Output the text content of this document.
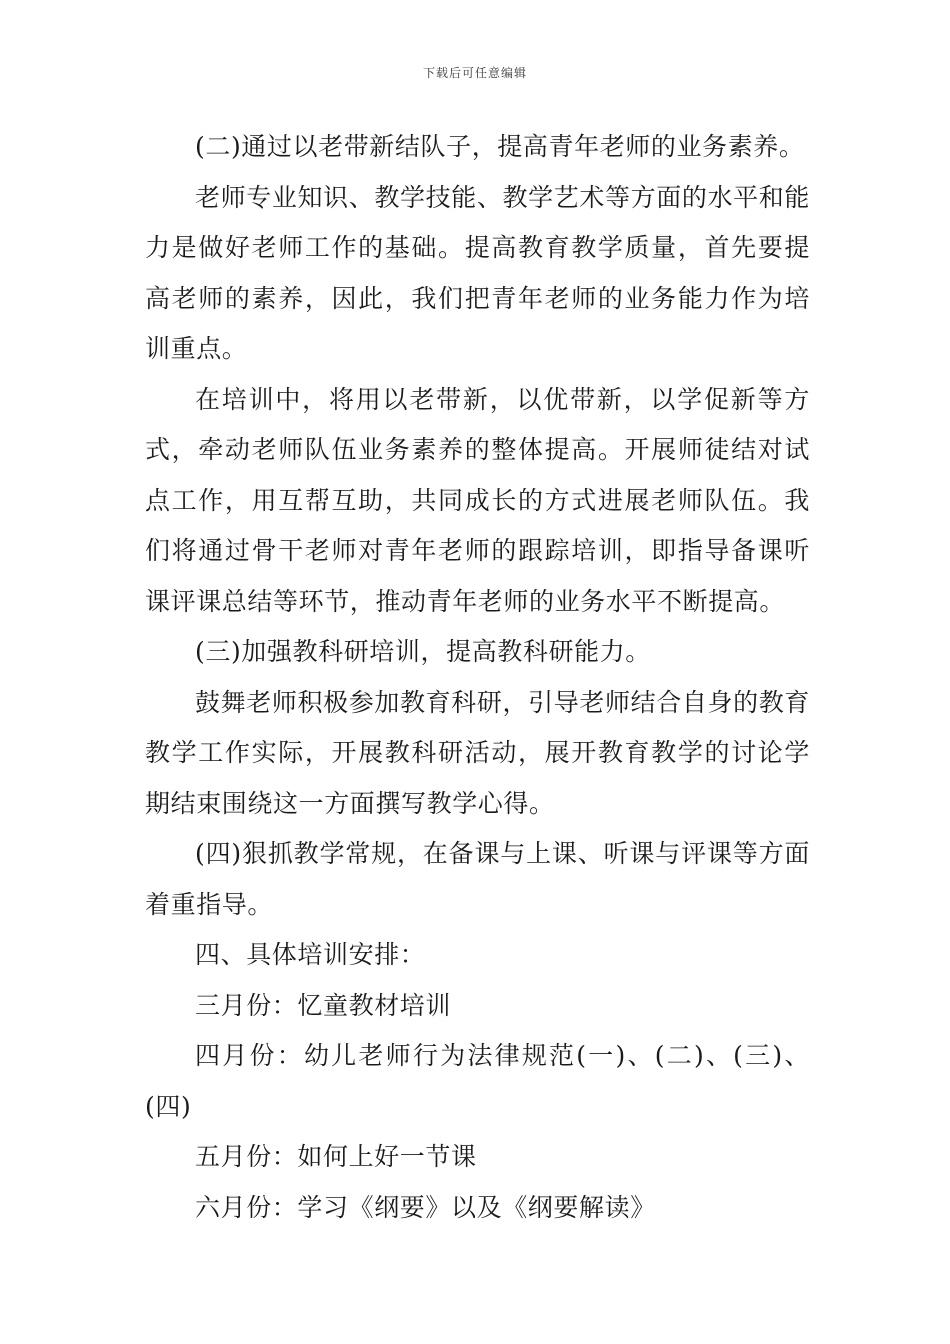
下载后可任意编辑

(二)通过以老带新结队子，提高青年老师的业务素养。

老师专业知识、教学技能、教学艺术等方面的水平和能力是做好老师工作的基础。提高教育教学质量，首先要提高老师的素养，因此，我们把青年老师的业务能力作为培训重点。

在培训中，将用以老带新，以优带新，以学促新等方式，牵动老师队伍业务素养的整体提高。开展师徒结对试点工作，用互帮互助，共同成长的方式进展老师队伍。我们将通过骨干老师对青年老师的跟踪培训，即指导备课听课评课总结等环节，推动青年老师的业务水平不断提高。

(三)加强教科研培训，提高教科研能力。

鼓舞老师积极参加教育科研，引导老师结合自身的教育教学工作实际，开展教科研活动，展开教育教学的讨论学期结束围绕这一方面撰写教学心得。

(四)狠抓教学常规，在备课与上课、听课与评课等方面着重指导。

四、具体培训安排：

三月份：忆童教材培训

四月份：幼儿老师行为法律规范(一)、(二)、(三)、(四)

五月份：如何上好一节课

六月份：学习《纲要》以及《纲要解读》
